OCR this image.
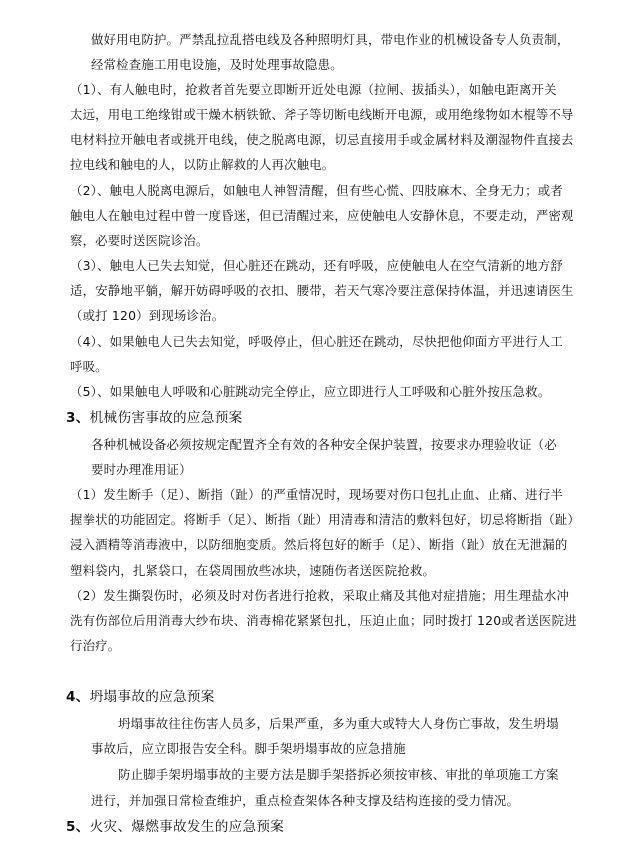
做好用电防护。严禁乱拉乱搭电线及各种照明灯具，带电作业的机械设备专人负责制，
经常检查施工用电设施，及时处理事故隐患。
（1）、有人触电时，抢救者首先要立即断开近处电源（拉闸、拔插头），如触电距离开关
太远，用电工绝缘钳或干燥木柄铁锨、斧子等切断电线断开电源，或用绝缘物如木棍等不导
电材料拉开触电者或挑开电线，使之脱离电源，切忌直接用手或金属材料及潮湿物件直接去
拉电线和触电的人，以防止解救的人再次触电。
（2）、触电人脱离电源后，如触电人神智清醒，但有些心慌、四肢麻木、全身无力；或者
触电人在触电过程中曾一度昏迷，但已清醒过来，应使触电人安静休息，不要走动，严密观
察，必要时送医院诊治。
（3）、触电人已失去知觉，但心脏还在跳动，还有呼吸，应使触电人在空气清新的地方舒
适，安静地平躺，解开妨碍呼吸的衣扣、腰带，若天气寒冷要注意保持体温，并迅速请医生
（或打 120）到现场诊治。
（4）、如果触电人已失去知觉，呼吸停止，但心脏还在跳动，尽快把他仰面方平进行人工
呼吸。
（5）、如果触电人呼吸和心脏跳动完全停止，应立即进行人工呼吸和心脏外按压急救。
3、机械伤害事故的应急预案
各种机械设备必须按规定配置齐全有效的各种安全保护装置，按要求办理验收证（必
要时办理准用证）
（1）发生断手（足）、断指（趾）的严重情况时，现场要对伤口包扎止血、止痛、进行半
握拳状的功能固定。将断手（足）、断指（趾）用清毒和清洁的敷料包好，切忌将断指（趾）
浸入酒精等消毒液中，以防细胞变质。然后将包好的断手（足）、断指（趾）放在无泄漏的
塑料袋内，扎紧袋口，在袋周围放些冰块，速随伤者送医院抢救。
（2）发生撕裂伤时，必须及时对伤者进行抢救，采取止痛及其他对症措施；用生理盐水冲
洗有伤部位后用消毒大纱布块、消毒棉花紧紧包扎，压迫止血；同时拨打 120或者送医院进
行治疗。
4、坍塌事故的应急预案
坍塌事故往往伤害人员多，后果严重，多为重大或特大人身伤亡事故，发生坍塌
事故后，应立即报告安全科。脚手架坍塌事故的应急措施
防止脚手架坍塌事故的主要方法是脚手架搭拆必须按审核、审批的单项施工方案
进行，并加强日常检查维护，重点检查架体各种支撑及结构连接的受力情况。
5、火灾、爆燃事故发生的应急预案
